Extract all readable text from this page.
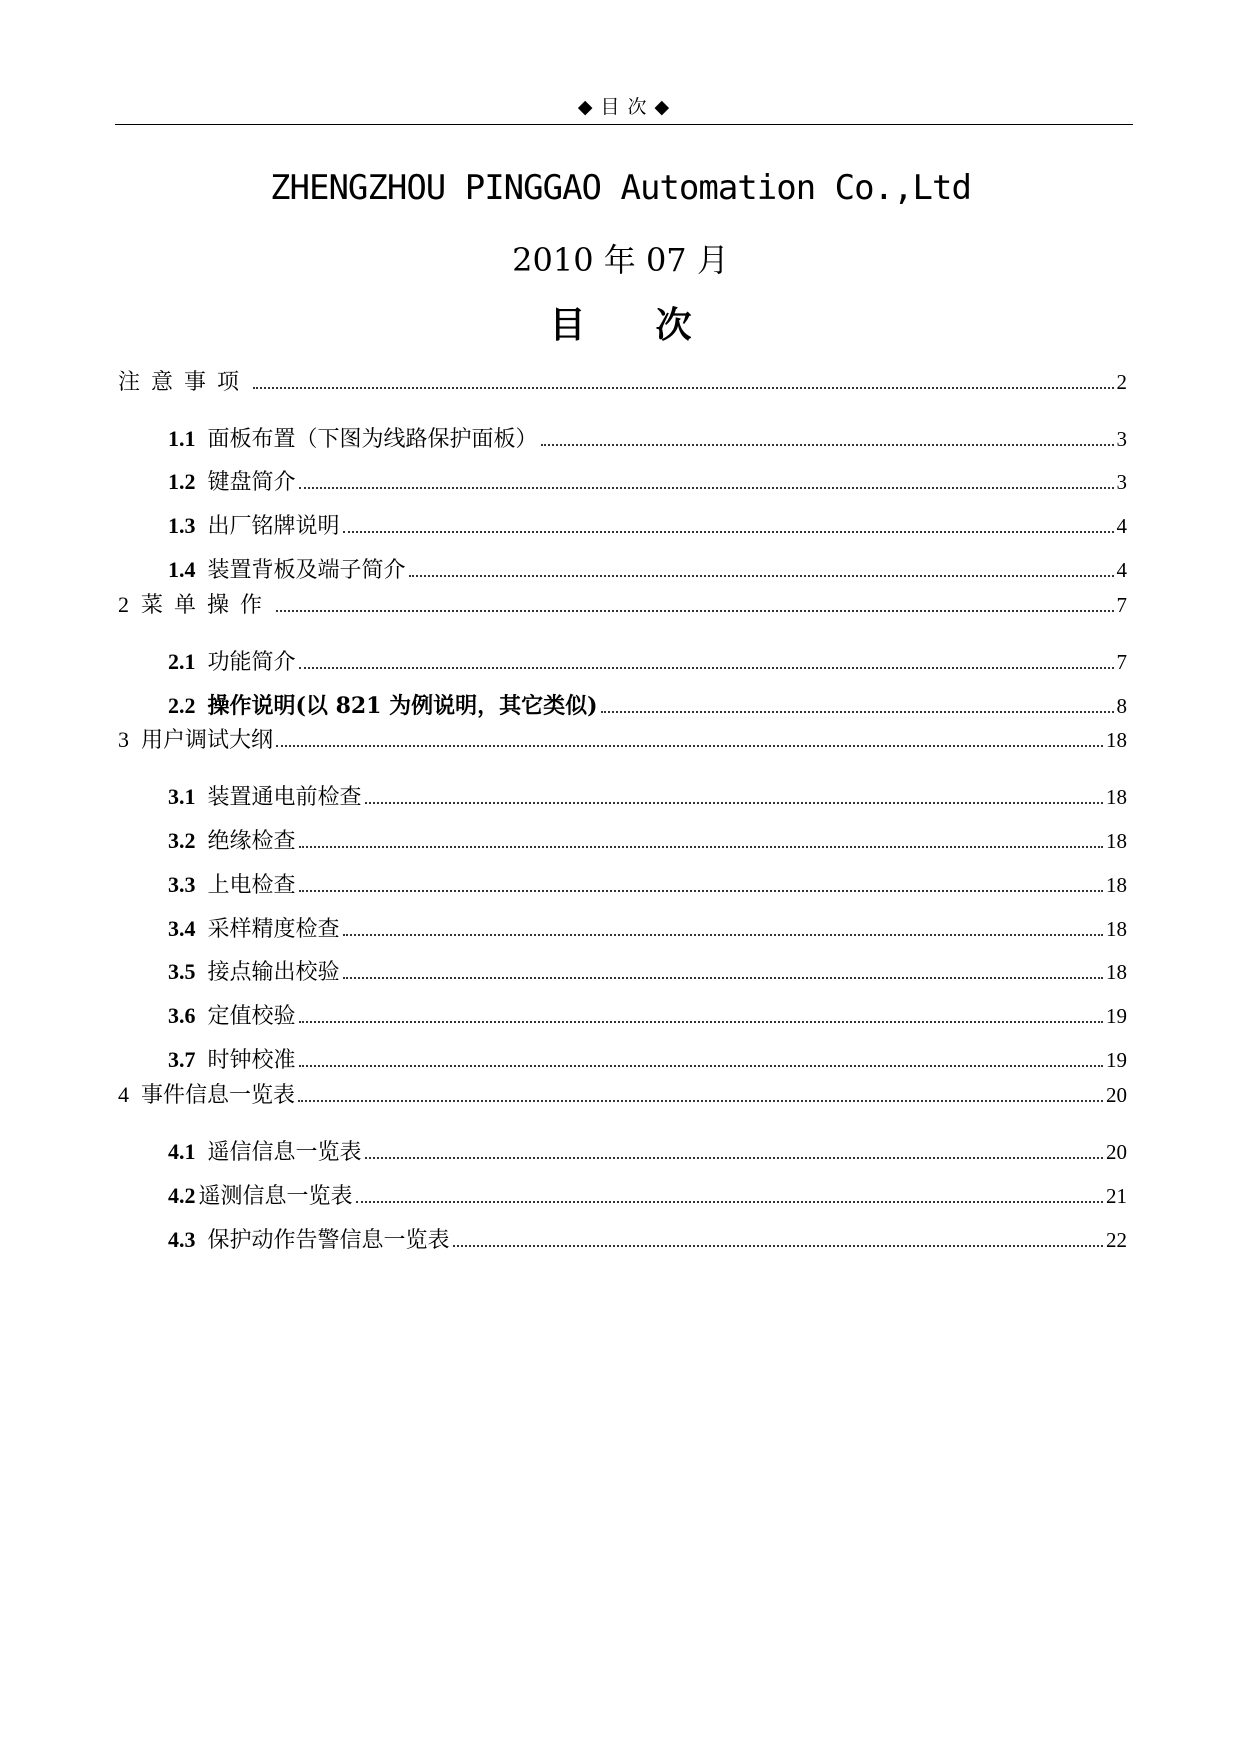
◆ 目 次 ◆
ZHENGZHOU PINGGAO Automation Co.,Ltd
2010 年 07 月
目 次
注意事项	2
1.1 面板布置（下图为线路保护面板）	3
1.2 键盘简介	3
1.3 出厂铭牌说明	4
1.4 装置背板及端子简介	4
2 菜单操作	7
2.1 功能简介	7
2.2 操作说明(以 821 为例说明，其它类似)	8
3 用户调试大纲	18
3.1 装置通电前检查	18
3.2 绝缘检查	18
3.3 上电检查	18
3.4 采样精度检查	18
3.5 接点输出校验	18
3.6 定值校验	19
3.7 时钟校准	19
4 事件信息一览表	20
4.1 遥信信息一览表	20
4.2 遥测信息一览表	21
4.3 保护动作告警信息一览表	22
